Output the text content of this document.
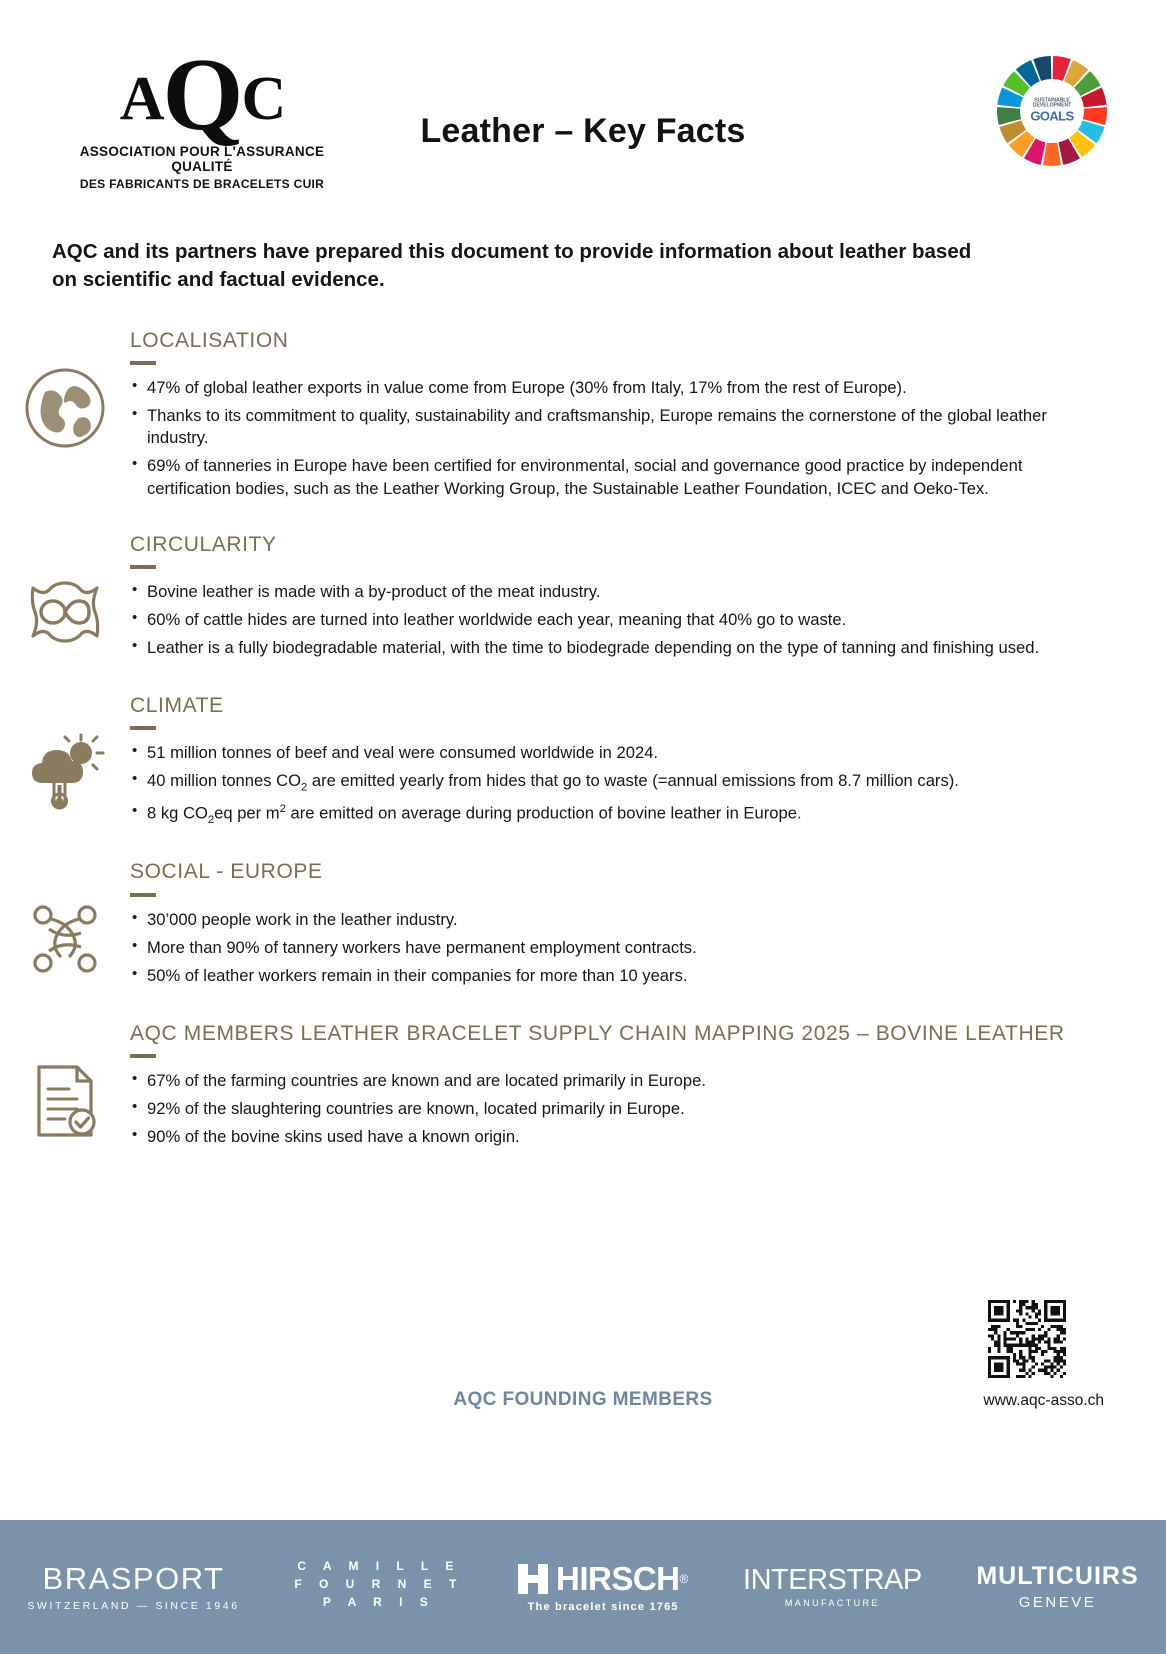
AQC
ASSOCIATION POUR L'ASSURANCE QUALITÉ
DES FABRICANTS DE BRACELETS CUIR
Leather – Key Facts
SUSTAINABLE
DEVELOPMENT
GOALS
AQC and its partners have prepared this document to provide information about leather based on scientific and factual evidence.
LOCALISATION
• 47% of global leather exports in value come from Europe (30% from Italy, 17% from the rest of Europe).
• Thanks to its commitment to quality, sustainability and craftsmanship, Europe remains the cornerstone of the global leather industry.
• 69% of tanneries in Europe have been certified for environmental, social and governance good practice by independent certification bodies, such as the Leather Working Group, the Sustainable Leather Foundation, ICEC and Oeko-Tex.
CIRCULARITY
• Bovine leather is made with a by-product of the meat industry.
• 60% of cattle hides are turned into leather worldwide each year, meaning that 40% go to waste.
• Leather is a fully biodegradable material, with the time to biodegrade depending on the type of tanning and finishing used.
CLIMATE
• 51 million tonnes of beef and veal were consumed worldwide in 2024.
• 40 million tonnes $CO_2$ are emitted yearly from hides that go to waste (=annual emissions from 8.7 million cars).
• 8 kg $CO_2eq$ per $m^2$ are emitted on average during production of bovine leather in Europe.
SOCIAL - EUROPE
• 30’000 people work in the leather industry.
• More than 90% of tannery workers have permanent employment contracts.
• 50% of leather workers remain in their companies for more than 10 years.
AQC MEMBERS LEATHER BRACELET SUPPLY CHAIN MAPPING 2025 – BOVINE LEATHER
• 67% of the farming countries are known and are located primarily in Europe.
• 92% of the slaughtering countries are known, located primarily in Europe.
• 90% of the bovine skins used have a known origin.
AQC FOUNDING MEMBERS	www.aqc-asso.ch
BRASPORT
SWITZERLAND — SINCE 1946
C A M I L L E
F O U R N E T
P A R I S
HIRSCH ®
The bracelet since 1765
INTERSTRAP
MANUFACTURE
MULTICUIRS
GENEVE
